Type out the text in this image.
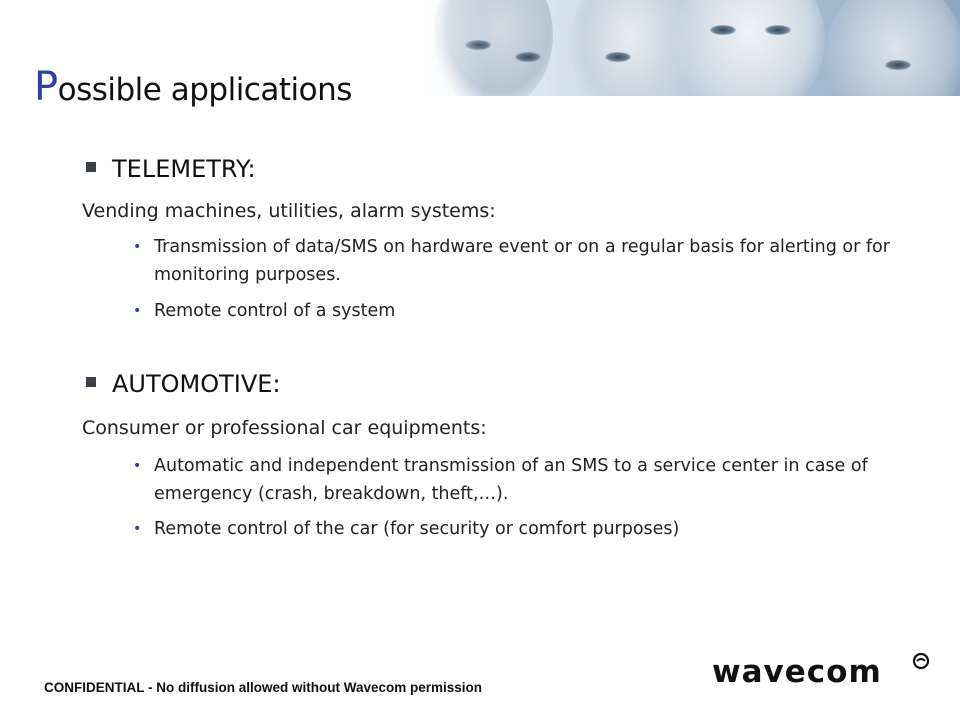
Possible applications
TELEMETRY:
Vending machines, utilities, alarm systems:
• Transmission of data/SMS on hardware event or on a regular basis for alerting or for monitoring purposes.
• Remote control of a system
AUTOMOTIVE:
Consumer or professional car equipments:
• Automatic and independent transmission of an SMS to a service center in case of emergency (crash, breakdown, theft,…).
• Remote control of the car (for security or comfort purposes)
CONFIDENTIAL - No diffusion allowed without Wavecom permission	wavecom
